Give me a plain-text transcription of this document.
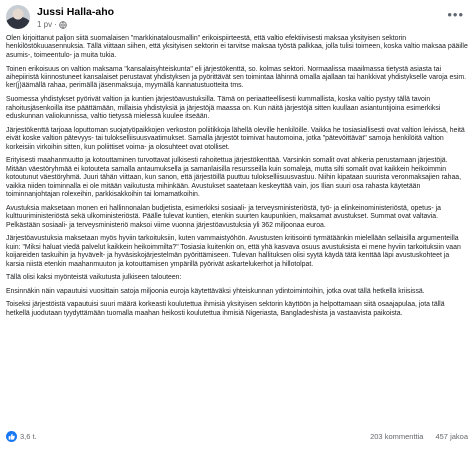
Jussi Halla-aho
1 pv ·
•••

Olen kirjoittanut paljon siitä suomalaisen "markkinatalousmallin" erikoispiirteestä, että valtio efektiivisesti maksaa yksityisen sektorin henkilöstökuuasennuksia. Tällä viittaan siihen, että yksityisen sektorin ei tarvitse maksaa työstä palkkaa, jolla tulisi toimeen, koska valtio maksaa pääille asumis-, toimeentulo- ja muita tukia.

Toinen erikoisuus on valtion maksama "kansalaisyhteiskunta" eli järjestökenttä, so. kolmas sektori. Normaalissa maailmassa tietystä asiasta tai aihepiiristä kiinnostuneet kansalaiset perustavat yhdistyksen ja pyörittävät sen toimintaa lähinnä omalla ajallaan tai hankkivat yhdistykselle varoja esim. ker(j)äämällä rahaa, perimällä jäsenmaksuja, myymällä kannatustuotteita tms.

Suomessa yhdistykset pyörivät valtion ja kuntien järjestöavustuksilla. Tämä on periaatteellisesti kummallista, koska valtio pystyy tällä tavoin rahoitusjäsenkoilla itse päättämään, millaisia yhdistyksiä ja järjestöjä maassa on. Kun näitä järjestöjä sitten kuullaan asiantuntijoina esimerkiksi eduskunnan valiokunnissa, valtio tietyssä mielessä kuulee itseään.

Järjestökenttä tarjoaa loputtoman suojatyöpaikkojen verkoston poliitikkoja lähellä oleville henkilöille. Vaikka he tosiasiallisesti ovat valtion leivissä, heitä eivät koske valtion pätevyys- tai tulokselliisuusvaatimukset. Samalla järjestöt toimivat hautomoina, jotka "pätevöittävät" samoja henkilöitä valtion korkeisiin virkoihin sitten, kun poliittiset voima- ja olosuhteet ovat otolliset.

Erityisesti maahanmuutto ja kotouttaminen turvottavat julkisesti rahoitettua järjestökenttää. Varsinkin somalit ovat ahkeria perustamaan järjestöjä. Mitään väestöryhmää ei kotouteta samalla antaumuksella ja samanlaisilla resursseilla kuin somaleja, mutta silti somalit ovat kaikkein heikoimmin kotoutunut väestöryhmä. Juuri tähän viittaan, kun sanon, että järjestöillä puuttuu tulokselliisuusvastuu. Niihin kipataan suurista veronmaksajien rahaa, vaikka niiden toiminnalla ei ole mitään vaikutusta mihinkään. Avustukset saatetaan keskeyttää vain, jos Ilian suuri osa rahasta käytetään toiminnanjohtajan rolexeihin, parkkisakkoihin tai lomamatkoihin.

Avustuksia maksetaan monen eri hallinnonalan budjetista, esimerkiksi sosiaali- ja terveysministeriöstä, työ- ja elinkeinoministeriöstä, opetus- ja kulttuuriministeriöstä sekä ulkoministeriöstä. Päälle tulevat kuntien, etenkin suurten kaupunkien, maksamat avustukset. Summat ovat valtavia. Pelkästään sosiaali- ja terveysministeriö maksoi viime vuonna järjestöavustuksia yli 362 miljoonaa euroa.

Järjestöavustuksia maksetaan myös hyviin tarkoituksiin, kuten vammaistyöhön. Avustusten kritisointi tyrmätäänkin mielellään sellaisilla argumenteilla kuin: "Miksi haluat viedä palvelut kaikkein heikoimmilta?" Tosiasia kuitenkin on, että yhä kasvava osuus avustuksista ei mene hyviin tarkoituksiin vaan koijareiden taskuihin ja hyvävelt- ja hyväsiskojärjestelmän pyörittämiseen. Tulevan hallituksen olisi syytä käydä tätä kenttää läpi avustuskohteet ja karsia niistä etenkin maahanmuuton ja kotouttamisen ympärillä pyörivät askartelukerhot ja hillotolpat.

Tällä olisi kaksi myönteistä vaikutusta julkiseen talouteen:

Ensinnäkin näin vapautuisi vuosittain satoja miljoonia euroja käytettäväksi yhteiskunnan ydintoimintoihin, jotka ovat tällä hetkellä kriisissä.

Toiseksi järjestöistä vapautuisi suuri määrä korkeasti koulutettua ihmisiä yksityisen sektorin käyttöön ja helpottamaan siitä osaajapulaa, jota tällä hetkellä juodutaan tyydyttämään tuomalla maahan heikosti koulutettua ihmisiä Nigeriasta, Bangladeshista ja vastaavista paikoista.

3,6 t.	203 kommenttia 457 jakoa
